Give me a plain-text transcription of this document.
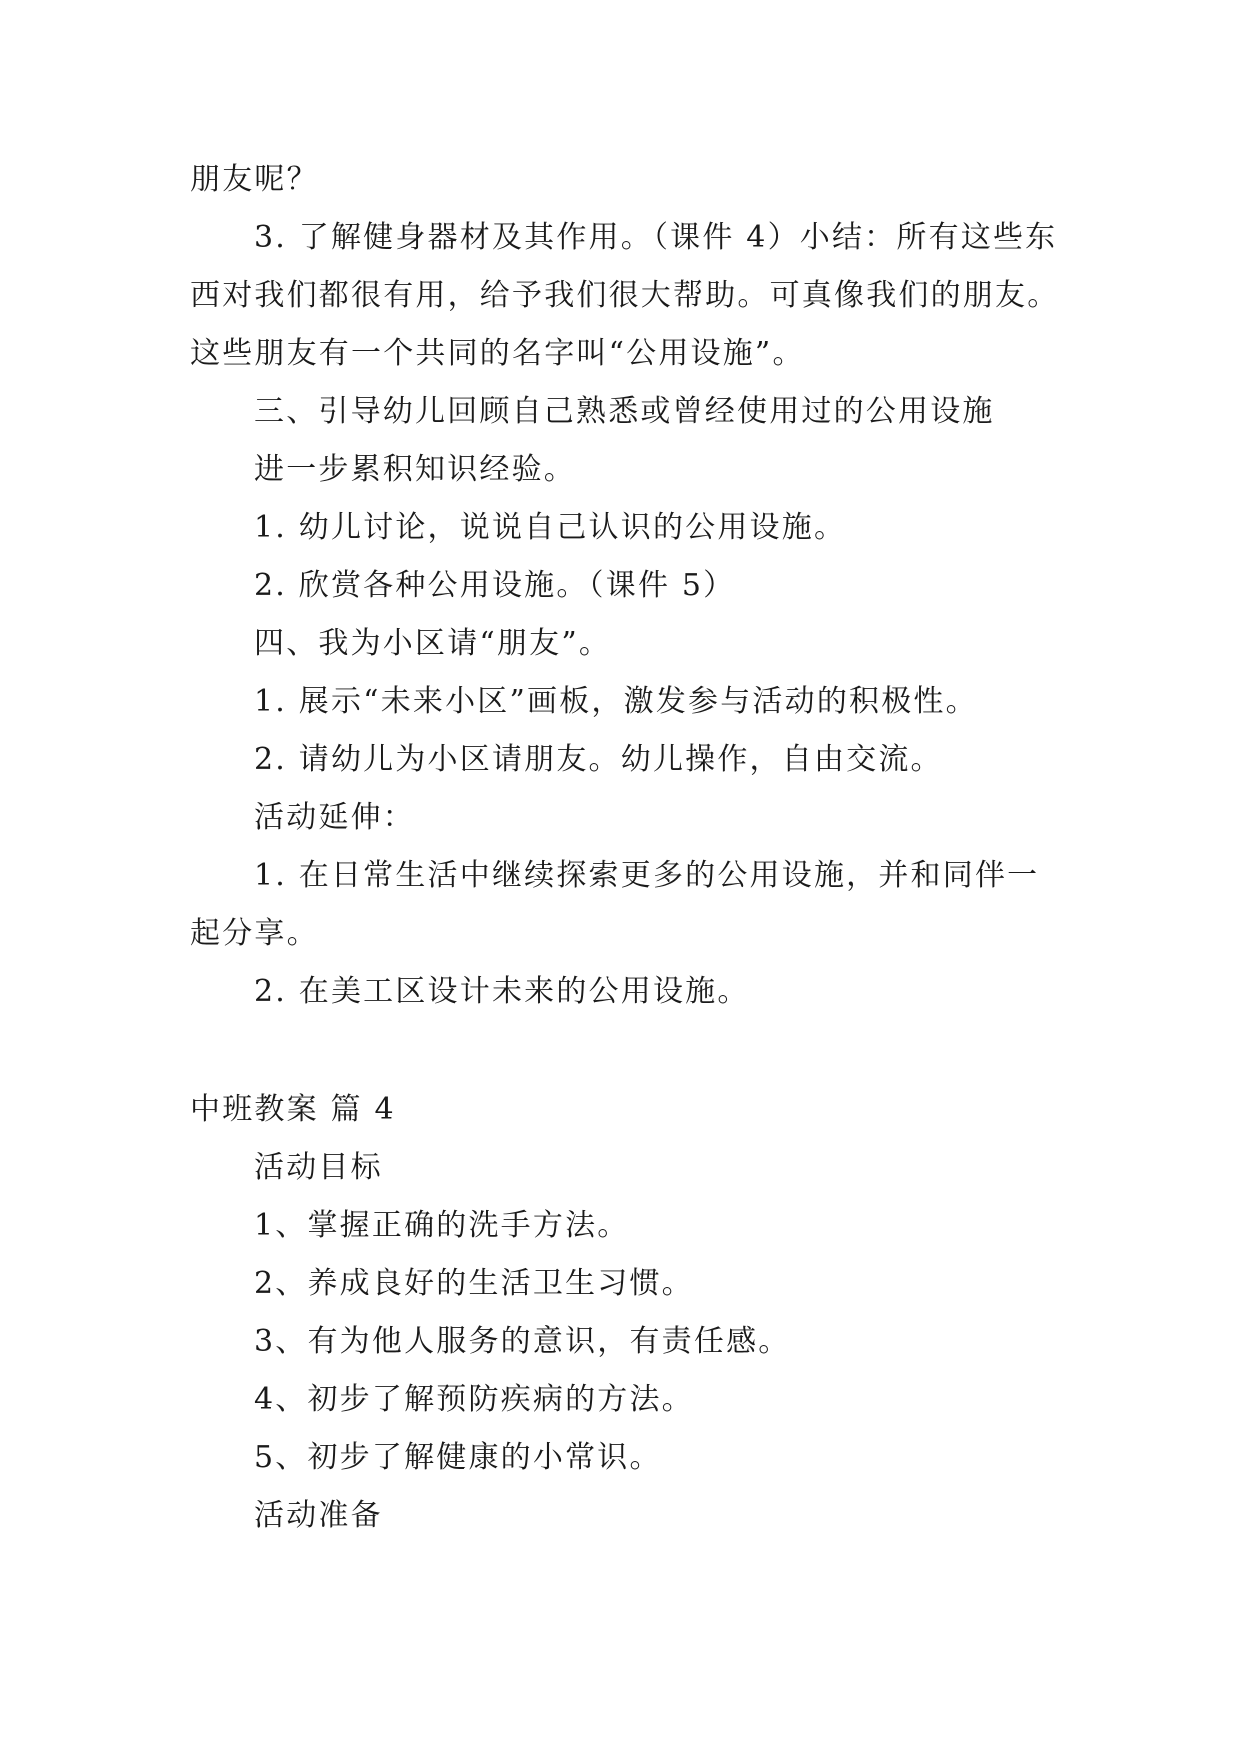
朋友呢？
3. 了解健身器材及其作用。（课件 4）小结：所有这些东
西对我们都很有用，给予我们很大帮助。可真像我们的朋友。
这些朋友有一个共同的名字叫“公用设施”。
三、引导幼儿回顾自己熟悉或曾经使用过的公用设施
进一步累积知识经验。
1. 幼儿讨论，说说自己认识的公用设施。
2. 欣赏各种公用设施。（课件 5）
四、我为小区请“朋友”。
1. 展示“未来小区”画板，激发参与活动的积极性。
2. 请幼儿为小区请朋友。幼儿操作，自由交流。
活动延伸：
1. 在日常生活中继续探索更多的公用设施，并和同伴一
起分享。
2. 在美工区设计未来的公用设施。
中班教案 篇 4
活动目标
1、掌握正确的洗手方法。
2、养成良好的生活卫生习惯。
3、有为他人服务的意识，有责任感。
4、初步了解预防疾病的方法。
5、初步了解健康的小常识。
活动准备
